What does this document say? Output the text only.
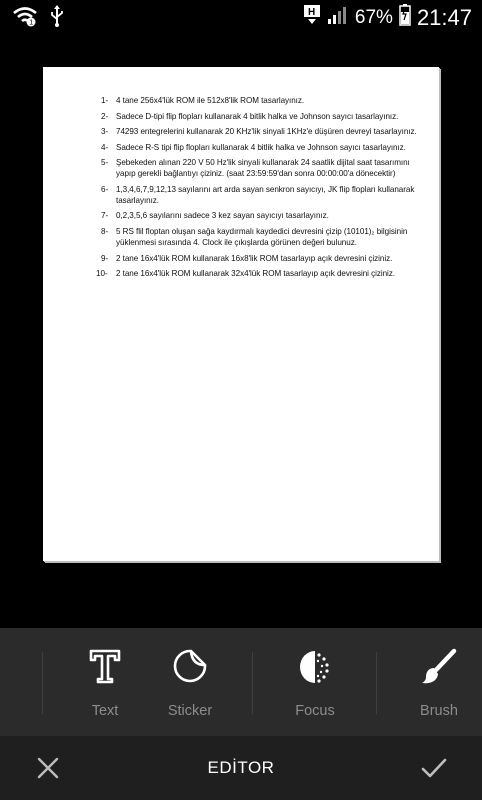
1
H 67% 21:47
1- 4 tane 256x4'lük ROM ile 512x8'lik ROM tasarlayınız.
2- Sadece D-tipi flip flopları kullanarak 4 bitlik halka ve Johnson sayıcı tasarlayınız.
3- 74293 entegrelerini kullanarak 20 KHz'lik sinyali 1KHz'e düşüren devreyi tasarlayınız.
4- Sadece R-S tipi flip flopları kullanarak 4 bitlik halka ve Johnson sayıcı tasarlayınız.
5- Şebekeden alınan 220 V 50 Hz'lik sinyali kullanarak 24 saatlik dijital saat tasarımını yapıp gerekli bağlantıyı çiziniz. (saat 23:59:59'dan sonra 00:00:00'a dönecektir)
6- 1,3,4,6,7,9,12,13 sayılarını art arda sayan senkron sayıcıyı, JK flip flopları kullanarak tasarlayınız.
7- 0,2,3,5,6 sayılarını sadece 3 kez sayan sayıcıyı tasarlayınız.
8- 5 RS flil floptan oluşan sağa kaydırmalı kaydedici devresini çizip (10101)₂ bilgisinin yüklenmesi sırasında 4. Clock ile çıkışlarda görünen değeri bulunuz.
9- 2 tane 16x4'lük ROM kullanarak 16x8'lik ROM tasarlayıp açık devresini çiziniz.
10- 2 tane 16x4'lük ROM kullanarak 32x4'lük ROM tasarlayıp açık devresini çiziniz.
Text	Sticker	Focus	Brush
EDİTOR
